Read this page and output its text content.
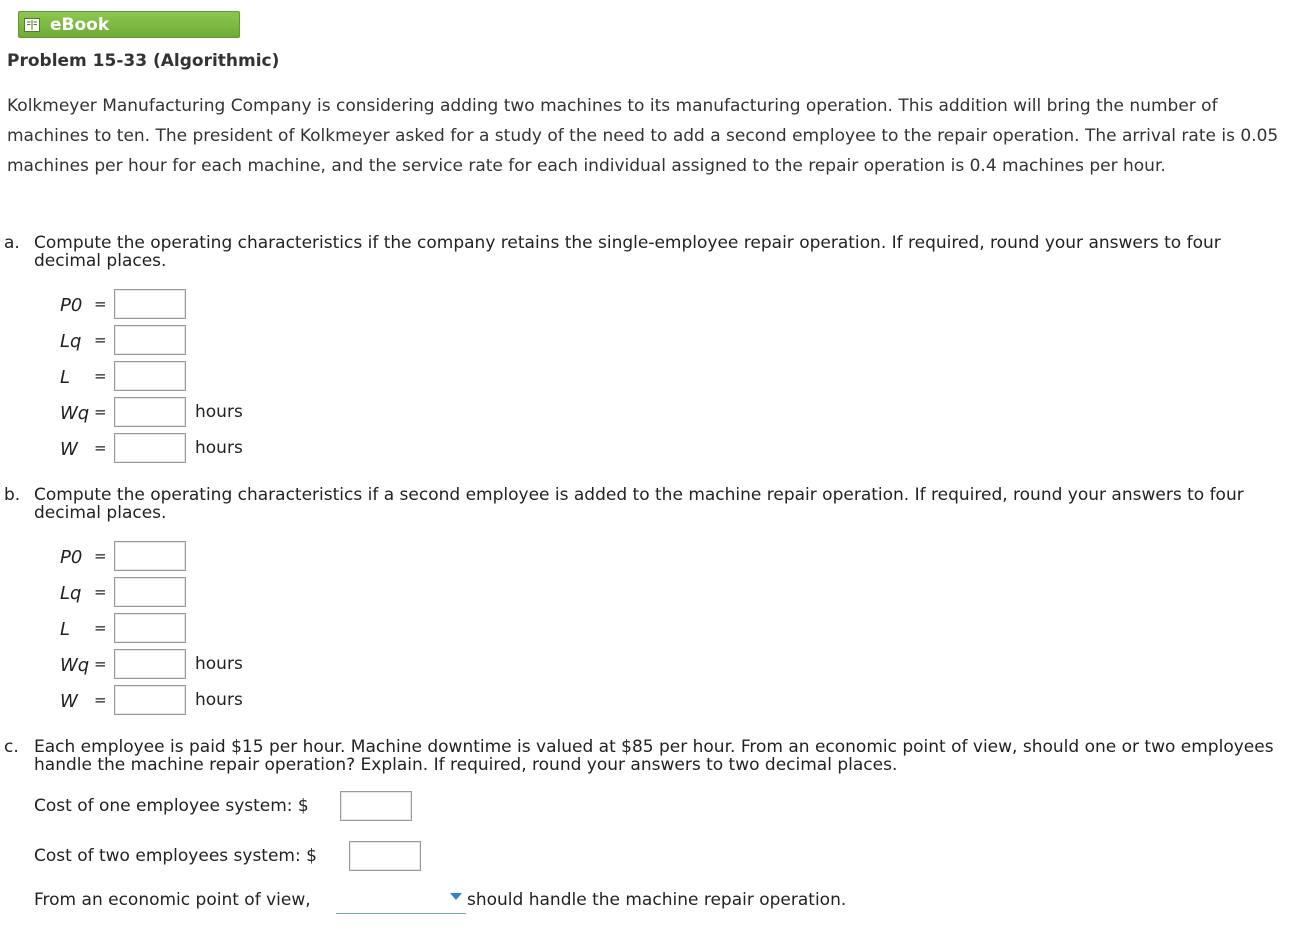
eBook
Problem 15-33 (Algorithmic)
Kolkmeyer Manufacturing Company is considering adding two machines to its manufacturing operation. This addition will bring the number of machines to ten. The president of Kolkmeyer asked for a study of the need to add a second employee to the repair operation. The arrival rate is 0.05 machines per hour for each machine, and the service rate for each individual assigned to the repair operation is 0.4 machines per hour.
a. Compute the operating characteristics if the company retains the single-employee repair operation. If required, round your answers to four decimal places.
P0 =
Lq =
L =
Wq =	hours
W =	hours
b. Compute the operating characteristics if a second employee is added to the machine repair operation. If required, round your answers to four decimal places.
P0 =
Lq =
L =
Wq =	hours
W =	hours
c. Each employee is paid $15 per hour. Machine downtime is valued at $85 per hour. From an economic point of view, should one or two employees handle the machine repair operation? Explain. If required, round your answers to two decimal places.
Cost of one employee system: $
Cost of two employees system: $
From an economic point of view,	should handle the machine repair operation.
